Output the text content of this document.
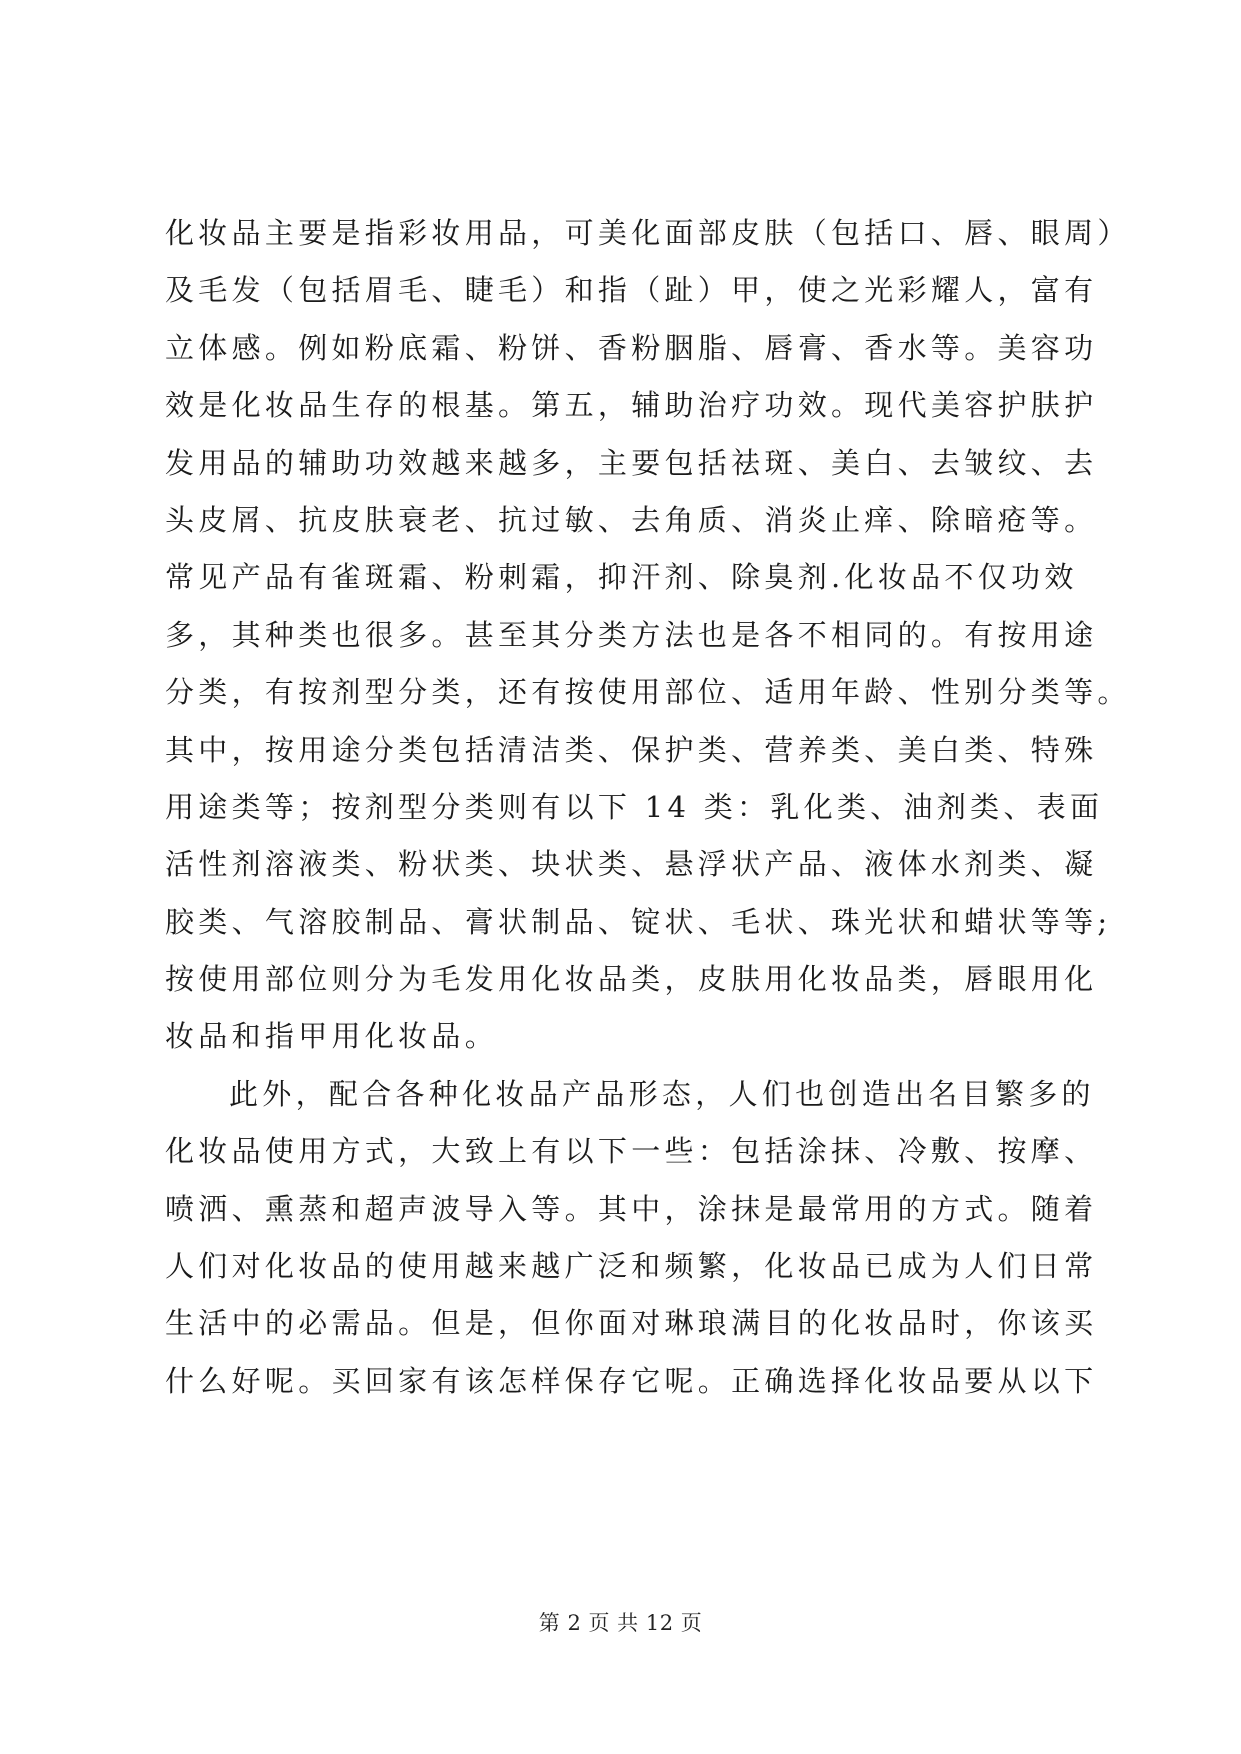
化妆品主要是指彩妆用品，可美化面部皮肤（包括口、唇、眼周）
及毛发（包括眉毛、睫毛）和指（趾）甲，使之光彩耀人，富有
立体感。例如粉底霜、粉饼、香粉胭脂、唇膏、香水等。美容功
效是化妆品生存的根基。第五，辅助治疗功效。现代美容护肤护
发用品的辅助功效越来越多，主要包括祛斑、美白、去皱纹、去
头皮屑、抗皮肤衰老、抗过敏、去角质、消炎止痒、除暗疮等。
常见产品有雀斑霜、粉刺霜，抑汗剂、除臭剂.化妆品不仅功效
多，其种类也很多。甚至其分类方法也是各不相同的。有按用途
分类，有按剂型分类，还有按使用部位、适用年龄、性别分类等。
其中，按用途分类包括清洁类、保护类、营养类、美白类、特殊
用途类等；按剂型分类则有以下 14 类：乳化类、油剂类、表面
活性剂溶液类、粉状类、块状类、悬浮状产品、液体水剂类、凝
胶类、气溶胶制品、膏状制品、锭状、毛状、珠光状和蜡状等等;
按使用部位则分为毛发用化妆品类，皮肤用化妆品类，唇眼用化
妆品和指甲用化妆品。
此外，配合各种化妆品产品形态，人们也创造出名目繁多的
化妆品使用方式，大致上有以下一些：包括涂抹、冷敷、按摩、
喷洒、熏蒸和超声波导入等。其中，涂抹是最常用的方式。随着
人们对化妆品的使用越来越广泛和频繁，化妆品已成为人们日常
生活中的必需品。但是，但你面对琳琅满目的化妆品时，你该买
什么好呢。买回家有该怎样保存它呢。正确选择化妆品要从以下
第 2 页 共 12 页
